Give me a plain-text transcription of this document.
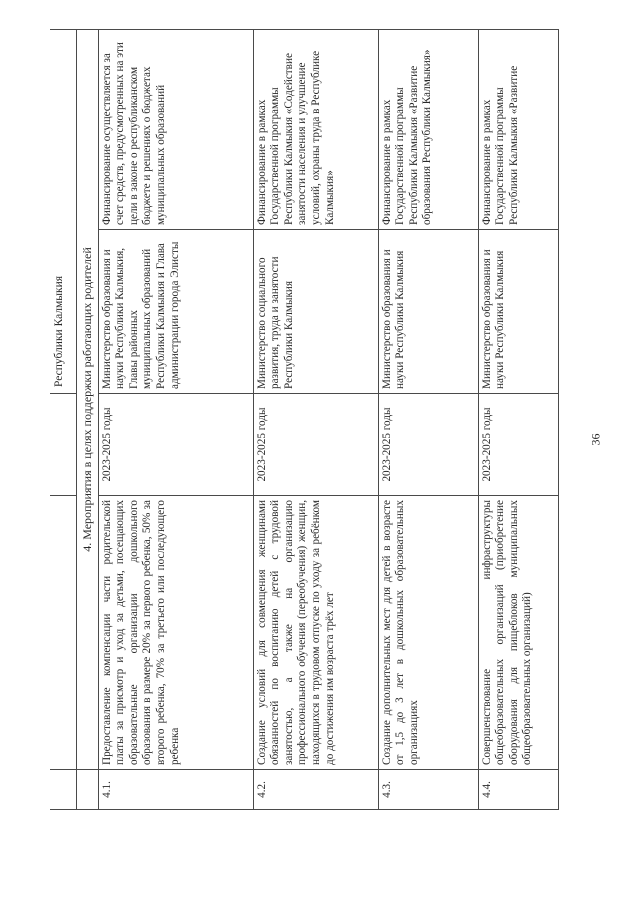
			Республики Калмыкия	
	4. Мероприятия в целях поддержки работающих родителей			
4.1.	Предоставление компенсации части родительской платы за присмотр и уход за детьми, посещающих образовательные организации дошкольного образования в размере 20% за первого ребенка, 50% за второго ребенка, 70% за третьего или последующего ребенка	2023-2025 годы	Министерство образования и науки Республики Калмыкия, Главы районных муниципальных образований Республики Калмыкия и Глава администрации города Элисты	Финансирование осуществляется за счет средств, предусмотренных на эти цели в законе о республиканском бюджете и решениях о бюджетах муниципальных образований
4.2.	Создание условий для совмещения женщинами обязанностей по воспитанию детей с трудовой занятостью, а также на организацию профессионального обучения (переобучения) женщин, находящихся в трудовом отпуске по уходу за ребёнком до достижения им возраста трёх лет	2023-2025 годы	Министерство социального развития, труда и занятости Республики Калмыкия	Финансирование в рамках Государственной программы Республики Калмыкия «Содействие занятости населения и улучшение условий, охраны труда в Республике Калмыкия»
4.3.	Создание дополнительных мест для детей в возрасте от 1,5 до 3 лет в дошкольных образовательных организациях	2023-2025 годы	Министерство образования и науки Республики Калмыкия	Финансирование в рамках Государственной программы Республики Калмыкия «Развитие образования Республики Калмыкия»
4.4.	Совершенствование инфраструктуры общеобразовательных организаций (приобретение оборудования для пищеблоков муниципальных общеобразовательных организаций)	2023-2025 годы	Министерство образования и науки Республики Калмыкия	Финансирование в рамках Государственной программы Республики Калмыкия «Развитие
36
